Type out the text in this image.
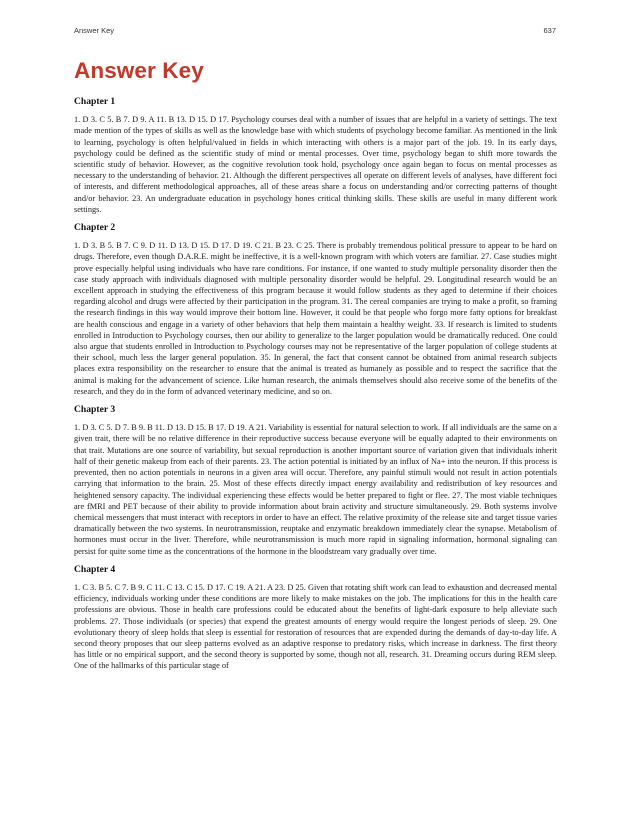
Answer Key	637
Answer Key
Chapter 1

1. D 3. C 5. B 7. D 9. A 11. B 13. D 15. D 17. Psychology courses deal with a number of issues that are helpful in a variety of settings. The text made mention of the types of skills as well as the knowledge base with which students of psychology become familiar. As mentioned in the link to learning, psychology is often helpful/valued in fields in which interacting with others is a major part of the job. 19. In its early days, psychology could be defined as the scientific study of mind or mental processes. Over time, psychology began to shift more towards the scientific study of behavior. However, as the cognitive revolution took hold, psychology once again began to focus on mental processes as necessary to the understanding of behavior. 21. Although the different perspectives all operate on different levels of analyses, have different foci of interests, and different methodological approaches, all of these areas share a focus on understanding and/or correcting patterns of thought and/or behavior. 23. An undergraduate education in psychology hones critical thinking skills. These skills are useful in many different work settings.

Chapter 2

1. D 3. B 5. B 7. C 9. D 11. D 13. D 15. D 17. D 19. C 21. B 23. C 25. There is probably tremendous political pressure to appear to be hard on drugs. Therefore, even though D.A.R.E. might be ineffective, it is a well-known program with which voters are familiar. 27. Case studies might prove especially helpful using individuals who have rare conditions. For instance, if one wanted to study multiple personality disorder then the case study approach with individuals diagnosed with multiple personality disorder would be helpful. 29. Longitudinal research would be an excellent approach in studying the effectiveness of this program because it would follow students as they aged to determine if their choices regarding alcohol and drugs were affected by their participation in the program. 31. The cereal companies are trying to make a profit, so framing the research findings in this way would improve their bottom line. However, it could be that people who forgo more fatty options for breakfast are health conscious and engage in a variety of other behaviors that help them maintain a healthy weight. 33. If research is limited to students enrolled in Introduction to Psychology courses, then our ability to generalize to the larger population would be dramatically reduced. One could also argue that students enrolled in Introduction to Psychology courses may not be representative of the larger population of college students at their school, much less the larger general population. 35. In general, the fact that consent cannot be obtained from animal research subjects places extra responsibility on the researcher to ensure that the animal is treated as humanely as possible and to respect the sacrifice that the animal is making for the advancement of science. Like human research, the animals themselves should also receive some of the benefits of the research, and they do in the form of advanced veterinary medicine, and so on.

Chapter 3

1. D 3. C 5. D 7. B 9. B 11. D 13. D 15. B 17. D 19. A 21. Variability is essential for natural selection to work. If all individuals are the same on a given trait, there will be no relative difference in their reproductive success because everyone will be equally adapted to their environments on that trait. Mutations are one source of variability, but sexual reproduction is another important source of variation given that individuals inherit half of their genetic makeup from each of their parents. 23. The action potential is initiated by an influx of Na+ into the neuron. If this process is prevented, then no action potentials in neurons in a given area will occur. Therefore, any painful stimuli would not result in action potentials carrying that information to the brain. 25. Most of these effects directly impact energy availability and redistribution of key resources and heightened sensory capacity. The individual experiencing these effects would be better prepared to fight or flee. 27. The most viable techniques are fMRI and PET because of their ability to provide information about brain activity and structure simultaneously. 29. Both systems involve chemical messengers that must interact with receptors in order to have an effect. The relative proximity of the release site and target tissue varies dramatically between the two systems. In neurotransmission, reuptake and enzymatic breakdown immediately clear the synapse. Metabolism of hormones must occur in the liver. Therefore, while neurotransmission is much more rapid in signaling information, hormonal signaling can persist for quite some time as the concentrations of the hormone in the bloodstream vary gradually over time.

Chapter 4

1. C 3. B 5. C 7. B 9. C 11. C 13. C 15. D 17. C 19. A 21. A 23. D 25. Given that rotating shift work can lead to exhaustion and decreased mental efficiency, individuals working under these conditions are more likely to make mistakes on the job. The implications for this in the health care professions are obvious. Those in health care professions could be educated about the benefits of light-dark exposure to help alleviate such problems. 27. Those individuals (or species) that expend the greatest amounts of energy would require the longest periods of sleep. 29. One evolutionary theory of sleep holds that sleep is essential for restoration of resources that are expended during the demands of day-to-day life. A second theory proposes that our sleep patterns evolved as an adaptive response to predatory risks, which increase in darkness. The first theory has little or no empirical support, and the second theory is supported by some, though not all, research. 31. Dreaming occurs during REM sleep. One of the hallmarks of this particular stage of
